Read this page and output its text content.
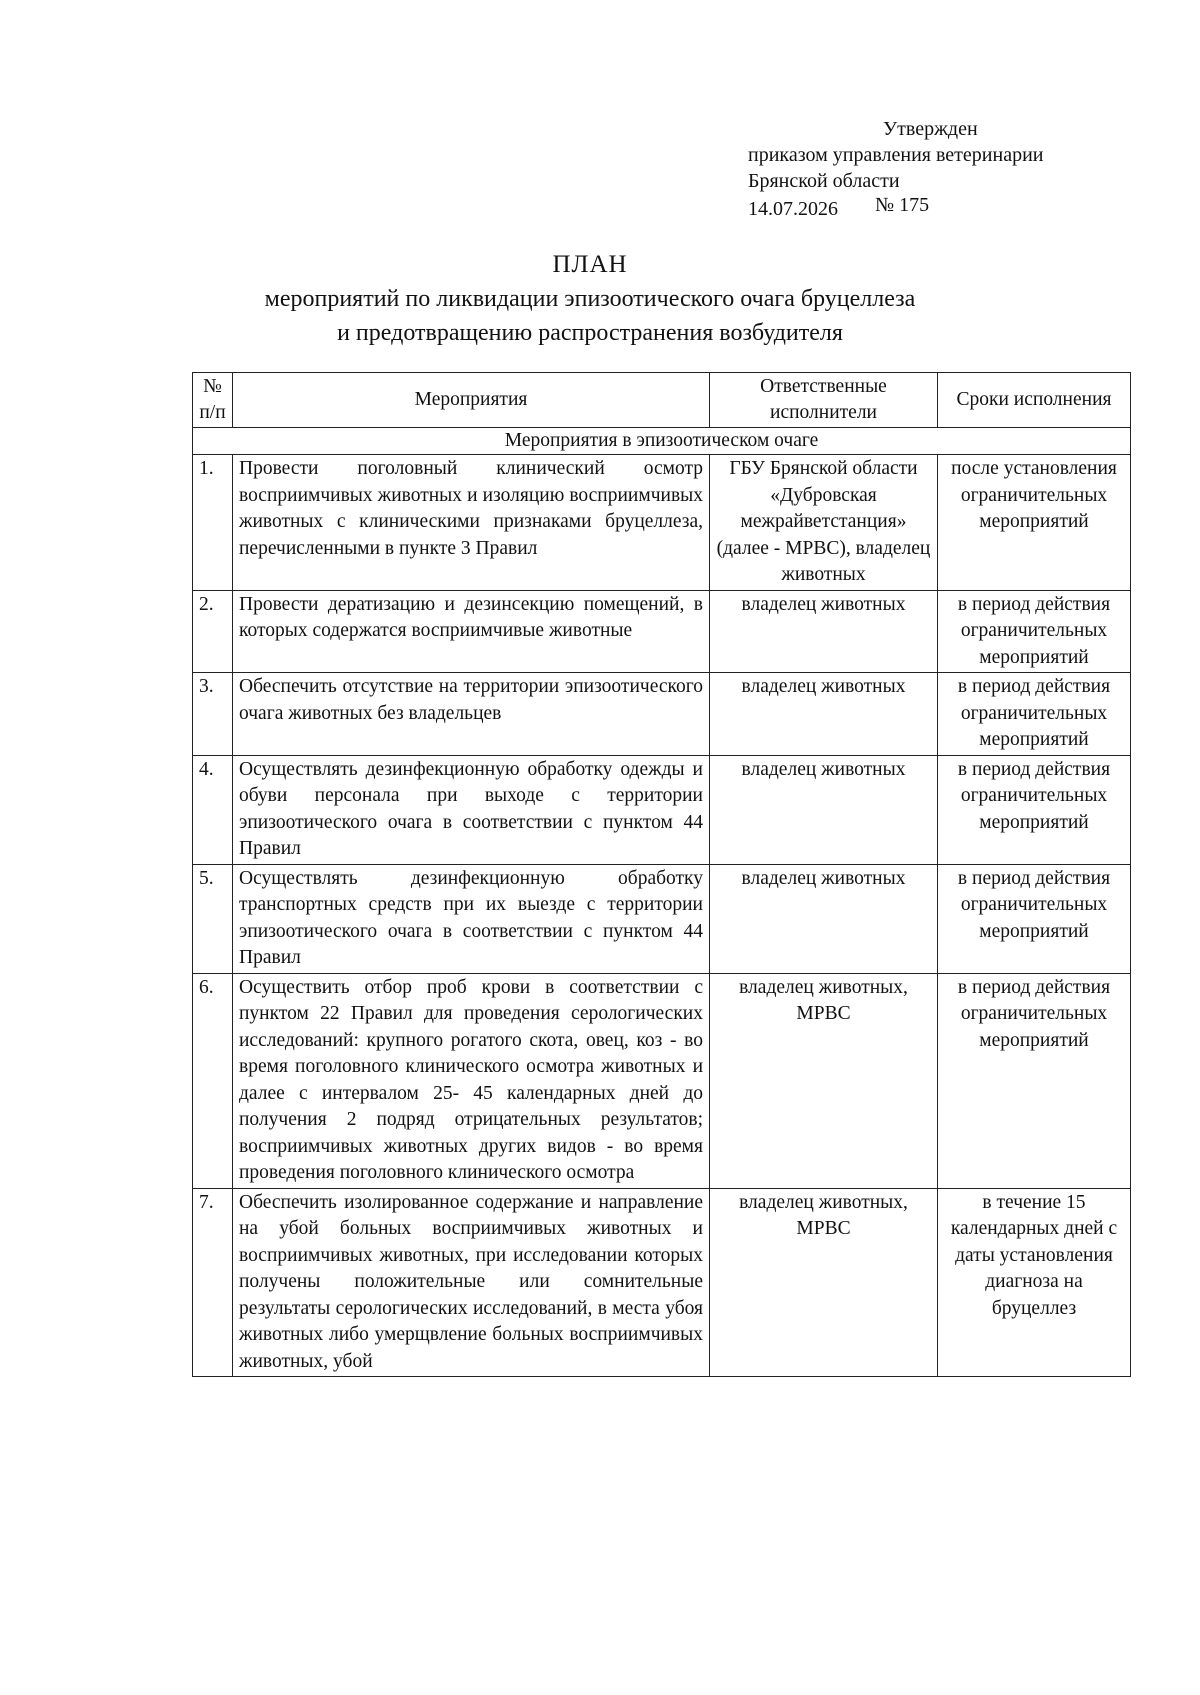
Утвержден
приказом управления ветеринарии
Брянской области
14.07.2026 № 175
ПЛАН
мероприятий по ликвидации эпизоотического очага бруцеллеза
и предотвращению распространения возбудителя
№ п/п	Мероприятия	Ответственные исполнители	Сроки исполнения
Мероприятия в эпизоотическом очаге			
1.	Провести поголовный клинический осмотр восприимчивых животных и изоляцию восприимчивых животных с клиническими признаками бруцеллеза, перечисленными в пункте 3 Правил	ГБУ Брянской области «Дубровская межрайветстанция» (далее - МРВС), владелец животных	после установления ограничительных мероприятий
2.	Провести дератизацию и дезинсекцию помещений, в которых содержатся восприимчивые животные	владелец животных	в период действия ограничительных мероприятий
3.	Обеспечить отсутствие на территории эпизоотического очага животных без владельцев	владелец животных	в период действия ограничительных мероприятий
4.	Осуществлять дезинфекционную обработку одежды и обуви персонала при выходе с территории эпизоотического очага в соответствии с пунктом 44 Правил	владелец животных	в период действия ограничительных мероприятий
5.	Осуществлять дезинфекционную обработку транспортных средств при их выезде с территории эпизоотического очага в соответствии с пунктом 44 Правил	владелец животных	в период действия ограничительных мероприятий
6.	Осуществить отбор проб крови в соответствии с пунктом 22 Правил для проведения серологических исследований: крупного рогатого скота, овец, коз - во время поголовного клинического осмотра животных и далее с интервалом 25- 45 календарных дней до получения 2 подряд отрицательных результатов; восприимчивых животных других видов - во время проведения поголовного клинического осмотра	владелец животных, МРВС	в период действия ограничительных мероприятий
7.	Обеспечить изолированное содержание и направление на убой больных восприимчивых животных и восприимчивых животных, при исследовании которых получены положительные или сомнительные результаты серологических исследований, в места убоя животных либо умерщвление больных восприимчивых животных, убой	владелец животных, МРВС	в течение 15 календарных дней с даты установления диагноза на бруцеллез
